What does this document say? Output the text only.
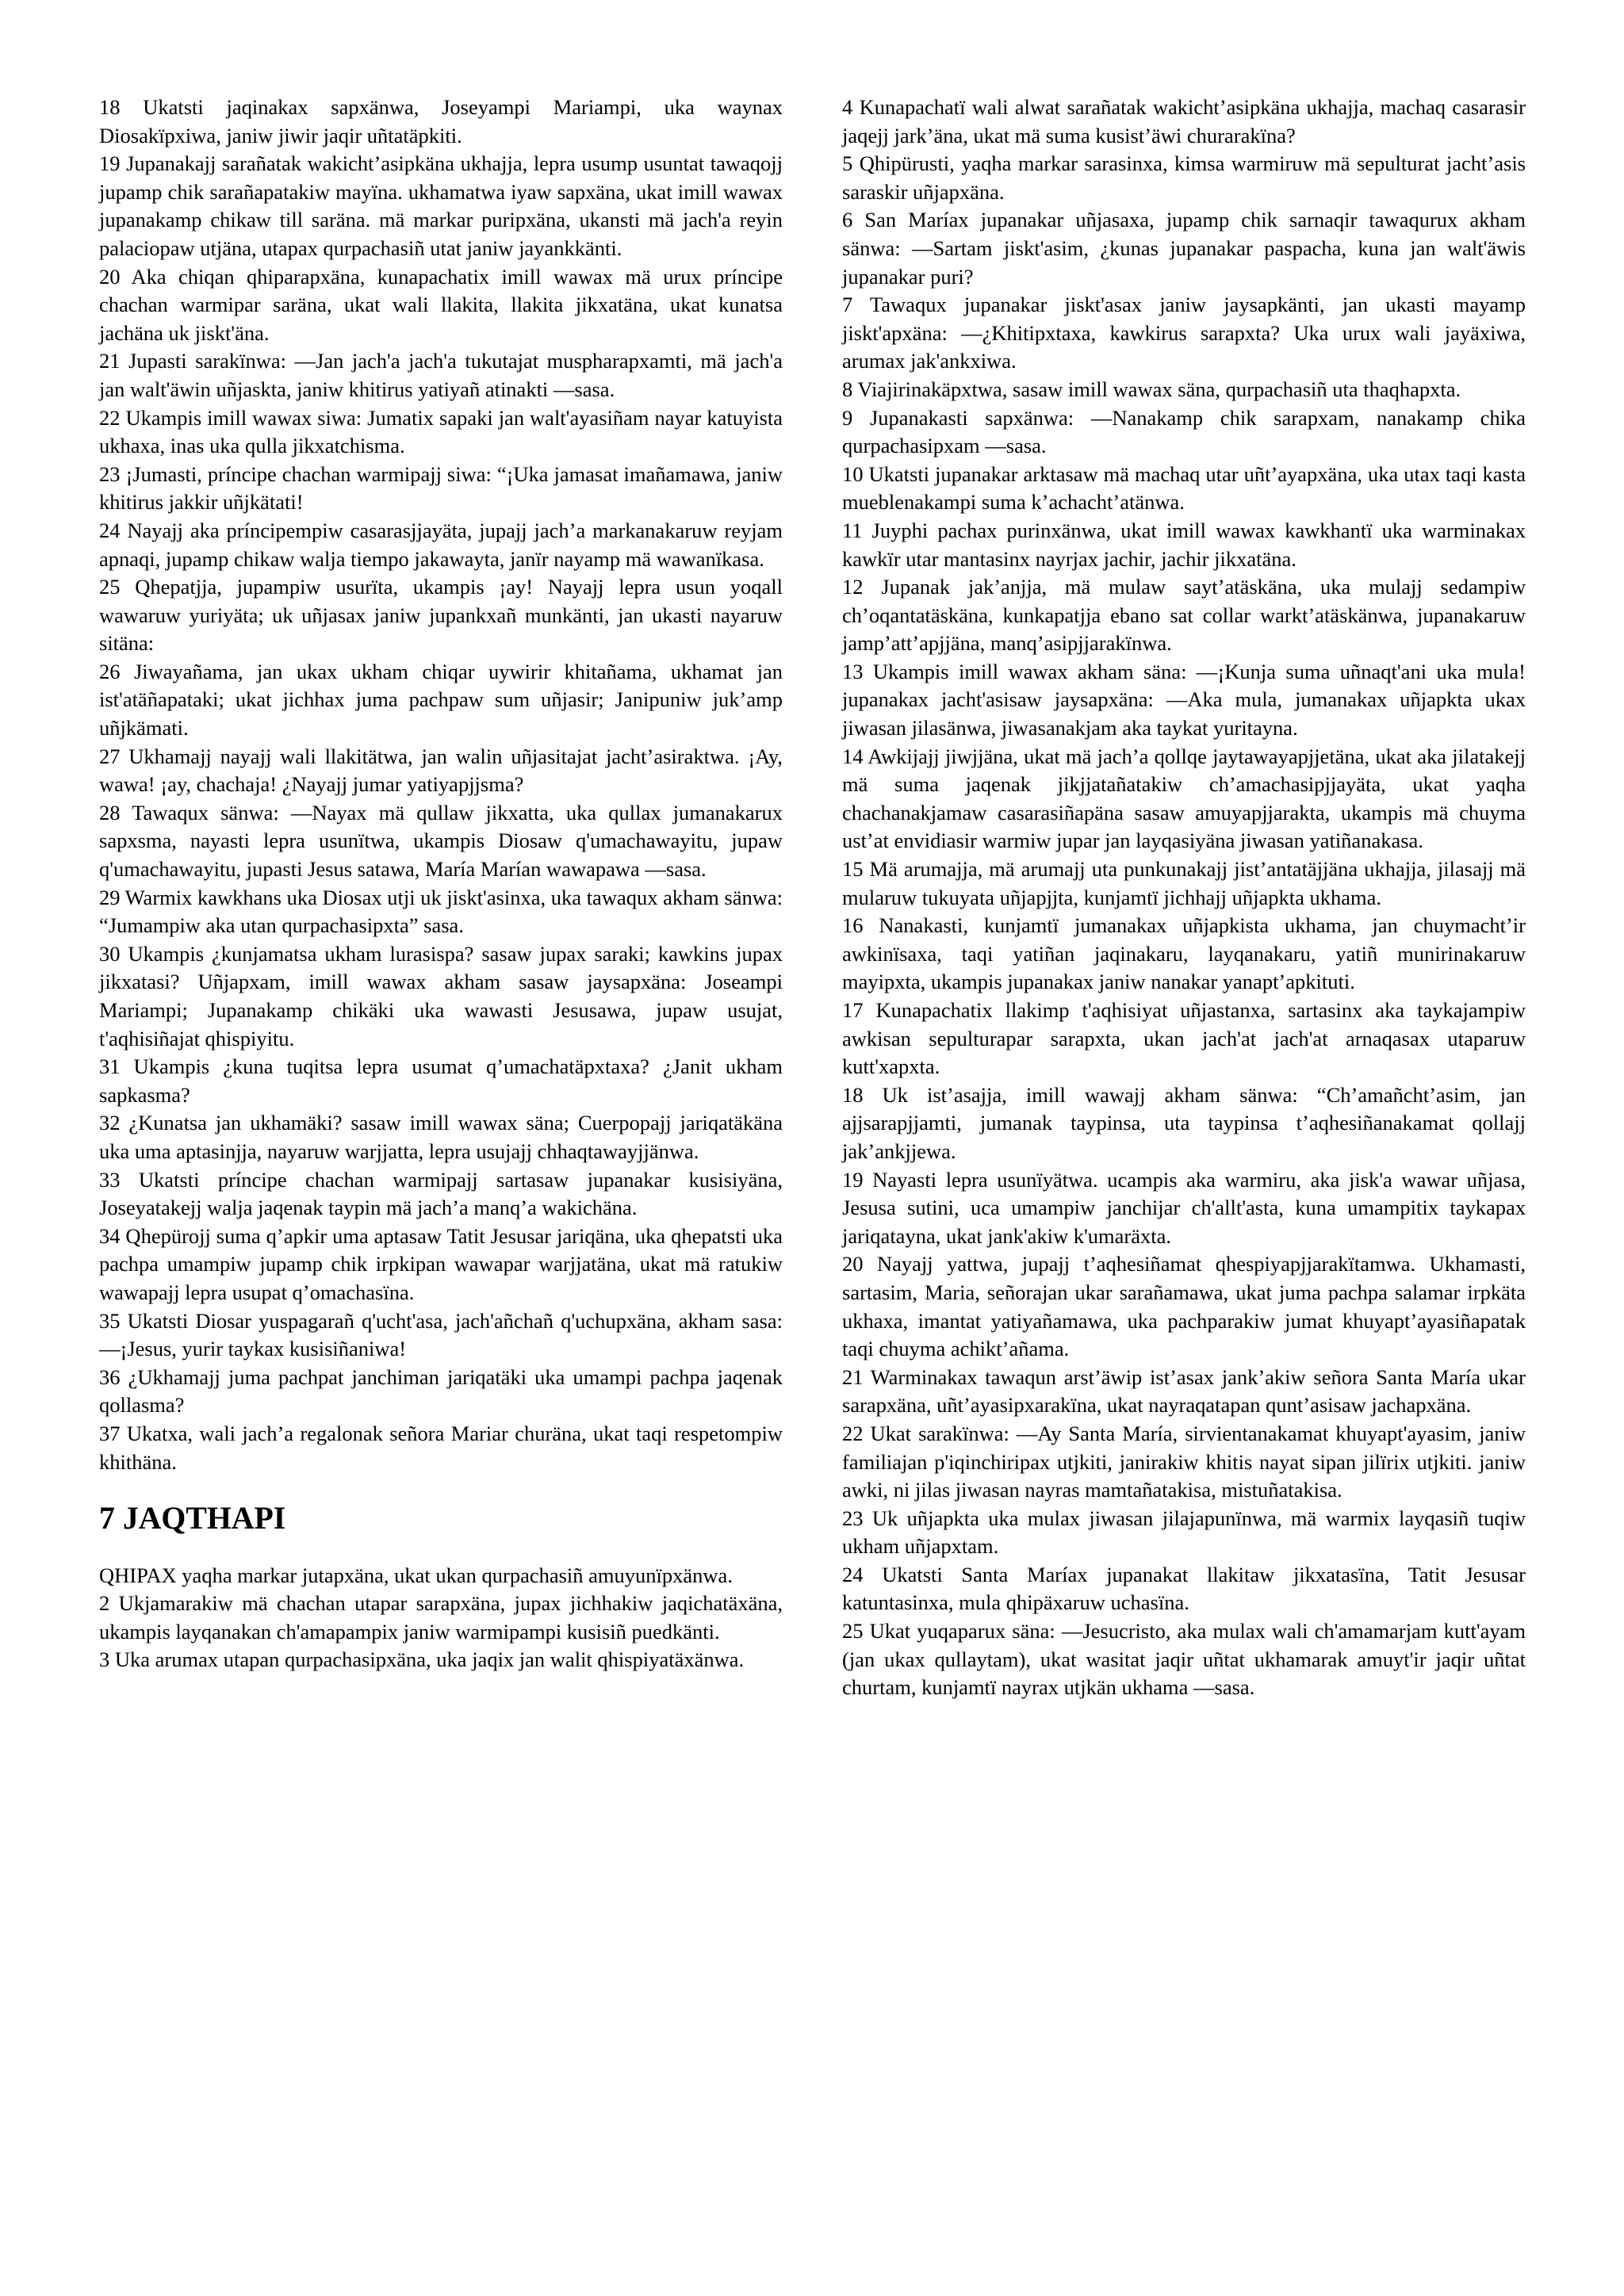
18 Ukatsti jaqinakax sapxänwa, Joseyampi Mariampi, uka waynax Diosakïpxiwa, janiw jiwir jaqir uñtatäpkiti.

19 Jupanakajj sarañatak wakicht’asipkäna ukhajja, lepra usump usuntat tawaqojj jupamp chik sarañapatakiw mayïna. ukhamatwa iyaw sapxäna, ukat imill wawax jupanakamp chikaw till saräna. mä markar puripxäna, ukansti mä jach'a reyin palaciopaw utjäna, utapax qurpachasiñ utat janiw jayankkänti.

20 Aka chiqan qhiparapxäna, kunapachatix imill wawax mä urux príncipe chachan warmipar saräna, ukat wali llakita, llakita jikxatäna, ukat kunatsa jachäna uk jiskt'äna.

21 Jupasti sarakïnwa: —Jan jach'a jach'a tukutajat muspharapxamti, mä jach'a jan walt'äwin uñjaskta, janiw khitirus yatiyañ atinakti —sasa.

22 Ukampis imill wawax siwa: Jumatix sapaki jan walt'ayasiñam nayar katuyista ukhaxa, inas uka qulla jikxatchisma.

23 ¡Jumasti, príncipe chachan warmipajj siwa: “¡Uka jamasat imañamawa, janiw khitirus jakkir uñjkätati!

24 Nayajj aka príncipempiw casarasjjayäta, jupajj jach’a markanakaruw reyjam apnaqi, jupamp chikaw walja tiempo jakawayta, janïr nayamp mä wawanïkasa.

25 Qhepatjja, jupampiw usurïta, ukampis ¡ay! Nayajj lepra usun yoqall wawaruw yuriyäta; uk uñjasax janiw jupankxañ munkänti, jan ukasti nayaruw sitäna:

26 Jiwayañama, jan ukax ukham chiqar uywirir khitañama, ukhamat jan ist'atäñapataki; ukat jichhax juma pachpaw sum uñjasir; Janipuniw juk’amp uñjkämati.

27 Ukhamajj nayajj wali llakitätwa, jan walin uñjasitajat jacht’asiraktwa. ¡Ay, wawa! ¡ay, chachaja! ¿Nayajj jumar yatiyapjjsma?

28 Tawaqux sänwa: —Nayax mä qullaw jikxatta, uka qullax jumanakarux sapxsma, nayasti lepra usunïtwa, ukampis Diosaw q'umachawayitu, jupaw q'umachawayitu, jupasti Jesus satawa, María Marían wawapawa —sasa.

29 Warmix kawkhans uka Diosax utji uk jiskt'asinxa, uka tawaqux akham sänwa: “Jumampiw aka utan qurpachasipxta” sasa.

30 Ukampis ¿kunjamatsa ukham lurasispa? sasaw jupax saraki; kawkins jupax jikxatasi? Uñjapxam, imill wawax akham sasaw jaysapxäna: Joseampi Mariampi; Jupanakamp chikäki uka wawasti Jesusawa, jupaw usujat, t'aqhisiñajat qhispiyitu.

31 Ukampis ¿kuna tuqitsa lepra usumat q’umachatäpxtaxa? ¿Janit ukham sapkasma?

32 ¿Kunatsa jan ukhamäki? sasaw imill wawax säna; Cuerpopajj jariqatäkäna uka uma aptasinjja, nayaruw warjjatta, lepra usujajj chhaqtawayjjänwa.

33 Ukatsti príncipe chachan warmipajj sartasaw jupanakar kusisiyäna, Joseyatakejj walja jaqenak taypin mä jach’a manq’a wakichäna.

34 Qhepürojj suma q’apkir uma aptasaw Tatit Jesusar jariqäna, uka qhepatsti uka pachpa umampiw jupamp chik irpkipan wawapar warjjatäna, ukat mä ratukiw wawapajj lepra usupat q’omachasïna.

35 Ukatsti Diosar yuspagarañ q'ucht'asa, jach'añchañ q'uchupxäna, akham sasa: —¡Jesus, yurir taykax kusisiñaniwa!

36 ¿Ukhamajj juma pachpat janchiman jariqatäki uka umampi pachpa jaqenak qollasma?

37 Ukatxa, wali jach’a regalonak señora Mariar churäna, ukat taqi respetompiw khithäna.

7 JAQTHAPI

QHIPAX yaqha markar jutapxäna, ukat ukan qurpachasiñ amuyunïpxänwa.

2 Ukjamarakiw mä chachan utapar sarapxäna, jupax jichhakiw jaqichatäxäna, ukampis layqanakan ch'amapampix janiw warmipampi kusisiñ puedkänti.

3 Uka arumax utapan qurpachasipxäna, uka jaqix jan walit qhispiyatäxänwa.

4 Kunapachatï wali alwat sarañatak wakicht’asipkäna ukhajja, machaq casarasir jaqejj jark’äna, ukat mä suma kusist’äwi churarakïna?

5 Qhipürusti, yaqha markar sarasinxa, kimsa warmiruw mä sepulturat jacht’asis saraskir uñjapxäna.

6 San Maríax jupanakar uñjasaxa, jupamp chik sarnaqir tawaqurux akham sänwa: —Sartam jiskt'asim, ¿kunas jupanakar paspacha, kuna jan walt'äwis jupanakar puri?

7 Tawaqux jupanakar jiskt'asax janiw jaysapkänti, jan ukasti mayamp jiskt'apxäna: —¿Khitipxtaxa, kawkirus sarapxta? Uka urux wali jayäxiwa, arumax jak'ankxiwa.

8 Viajirinakäpxtwa, sasaw imill wawax säna, qurpachasiñ uta thaqhapxta.

9 Jupanakasti sapxänwa: —Nanakamp chik sarapxam, nanakamp chika qurpachasipxam —sasa.

10 Ukatsti jupanakar arktasaw mä machaq utar uñt’ayapxäna, uka utax taqi kasta mueblenakampi suma k’achacht’atänwa.

11 Juyphi pachax purinxänwa, ukat imill wawax kawkhantï uka warminakax kawkïr utar mantasinx nayrjax jachir, jachir jikxatäna.

12 Jupanak jak’anjja, mä mulaw sayt’atäskäna, uka mulajj sedampiw ch’oqantatäskäna, kunkapatjja ebano sat collar warkt’atäskänwa, jupanakaruw jamp’att’apjjäna, manq’asipjjarakïnwa.

13 Ukampis imill wawax akham säna: —¡Kunja suma uñnaqt'ani uka mula! jupanakax jacht'asisaw jaysapxäna: —Aka mula, jumanakax uñjapkta ukax jiwasan jilasänwa, jiwasanakjam aka taykat yuritayna.

14 Awkijajj jiwjjäna, ukat mä jach’a qollqe jaytawayapjjetäna, ukat aka jilatakejj mä suma jaqenak jikjjatañatakiw ch’amachasipjjayäta, ukat yaqha chachanakjamaw casarasiñapäna sasaw amuyapjjarakta, ukampis mä chuyma ust’at envidiasir warmiw jupar jan layqasiyäna jiwasan yatiñanakasa.

15 Mä arumajja, mä arumajj uta punkunakajj jist’antatäjjäna ukhajja, jilasajj mä mularuw tukuyata uñjapjjta, kunjamtï jichhajj uñjapkta ukhama.

16 Nanakasti, kunjamtï jumanakax uñjapkista ukhama, jan chuymacht’ir awkinïsaxa, taqi yatiñan jaqinakaru, layqanakaru, yatiñ munirinakaruw mayipxta, ukampis jupanakax janiw nanakar yanapt’apkituti.

17 Kunapachatix llakimp t'aqhisiyat uñjastanxa, sartasinx aka taykajampiw awkisan sepulturapar sarapxta, ukan jach'at jach'at arnaqasax utaparuw kutt'xapxta.

18 Uk ist’asajja, imill wawajj akham sänwa: “Ch’amañcht’asim, jan ajjsarapjjamti, jumanak taypinsa, uta taypinsa t’aqhesiñanakamat qollajj jak’ankjjewa.

19 Nayasti lepra usunïyätwa. ucampis aka warmiru, aka jisk'a wawar uñjasa, Jesusa sutini, uca umampiw janchijar ch'allt'asta, kuna umampitix taykapax jariqatayna, ukat jank'akiw k'umaräxta.

20 Nayajj yattwa, jupajj t’aqhesiñamat qhespiyapjjarakïtamwa. Ukhamasti, sartasim, Maria, señorajan ukar sarañamawa, ukat juma pachpa salamar irpkäta ukhaxa, imantat yatiyañamawa, uka pachparakiw jumat khuyapt’ayasiñapatak taqi chuyma achikt’añama.

21 Warminakax tawaqun arst’äwip ist’asax jank’akiw señora Santa María ukar sarapxäna, uñt’ayasipxarakïna, ukat nayraqatapan qunt’asisaw jachapxäna.

22 Ukat sarakïnwa: —Ay Santa María, sirvientanakamat khuyapt'ayasim, janiw familiajan p'iqinchiripax utjkiti, janirakiw khitis nayat sipan jilïrix utjkiti. janiw awki, ni jilas jiwasan nayras mamtañatakisa, mistuñatakisa.

23 Uk uñjapkta uka mulax jiwasan jilajapunïnwa, mä warmix layqasiñ tuqiw ukham uñjapxtam.

24 Ukatsti Santa Maríax jupanakat llakitaw jikxatasïna, Tatit Jesusar katuntasinxa, mula qhipäxaruw uchasïna.

25 Ukat yuqaparux säna: —Jesucristo, aka mulax wali ch'amamarjam kutt'ayam (jan ukax qullaytam), ukat wasitat jaqir uñtat ukhamarak amuyt'ir jaqir uñtat churtam, kunjamtï nayrax utjkän ukhama —sasa.
